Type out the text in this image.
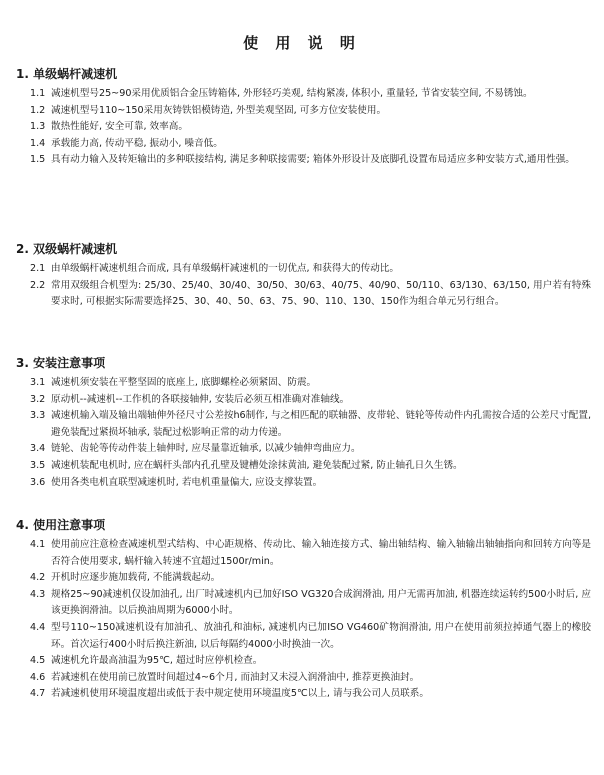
使 用 说 明
1. 单级蜗杆减速机
1.1 减速机型号25~90采用优质铝合金压铸箱体, 外形轻巧美观, 结构紧凑, 体积小, 重量轻, 节省安装空间, 不易锈蚀。
1.2 减速机型号110~150采用灰铸铁铝模铸造, 外型美观坚固, 可多方位安装使用。
1.3 散热性能好, 安全可靠, 效率高。
1.4 承载能力高, 传动平稳, 振动小, 噪音低。
1.5 具有动力输入及转矩输出的多种联接结构, 满足多种联接需要; 箱体外形设计及底脚孔设置布局适应多种安装方式,通用性强。
2. 双级蜗杆减速机
2.1 由单级蜗杆减速机组合而成, 具有单级蜗杆减速机的一切优点, 和获得大的传动比。
2.2 常用双级组合机型为: 25/30、25/40、30/40、30/50、30/63、40/75、40/90、50/110、63/130、63/150, 用户若有特殊要求时, 可根据实际需要选择25、30、40、50、63、75、90、110、130、150作为组合单元另行组合。
3. 安装注意事项
3.1 减速机须安装在平整坚固的底座上, 底脚螺栓必须紧固、防震。
3.2 原动机--减速机--工作机的各联接轴伸, 安装后必须互相准确对准轴线。
3.3 减速机输入端及输出端轴伸外径尺寸公差按h6制作, 与之相匹配的联轴器、皮带轮、链轮等传动件内孔需按合适的公差尺寸配置, 避免装配过紧损坏轴承, 装配过松影响正常的动力传递。
3.4 链轮、齿轮等传动件装上轴伸时, 应尽量靠近轴承, 以减少轴伸弯曲应力。
3.5 减速机装配电机时, 应在蜗杆头部内孔孔壁及键槽处涂抹黄油, 避免装配过紧, 防止轴孔日久生锈。
3.6 使用各类电机直联型减速机时, 若电机重量偏大, 应设支撑装置。
4. 使用注意事项
4.1 使用前应注意检查减速机型式结构、中心距规格、传动比、输入轴连接方式、输出轴结构、输入轴输出轴轴指向和回转方向等是否符合使用要求, 蜗杆输入转速不宜超过1500r/min。
4.2 开机时应逐步施加载荷, 不能满载起动。
4.3 规格25~90减速机仅设加油孔, 出厂时减速机内已加好ISO VG320合成润滑油, 用户无需再加油, 机器连续运转约500小时后, 应该更换润滑油。以后换油周期为6000小时。
4.4 型号110~150减速机设有加油孔、放油孔和油标, 减速机内已加ISO VG460矿物润滑油, 用户在使用前须拉掉通气器上的橡胶环。首次运行400小时后换注新油, 以后每隔约4000小时换油一次。
4.5 减速机允许最高油温为95℃, 超过时应停机检查。
4.6 若减速机在使用前已放置时间超过4~6个月, 而油封又未浸入润滑油中, 推荐更换油封。
4.7 若减速机使用环境温度超出或低于表中规定使用环境温度5℃以上, 请与我公司人员联系。
